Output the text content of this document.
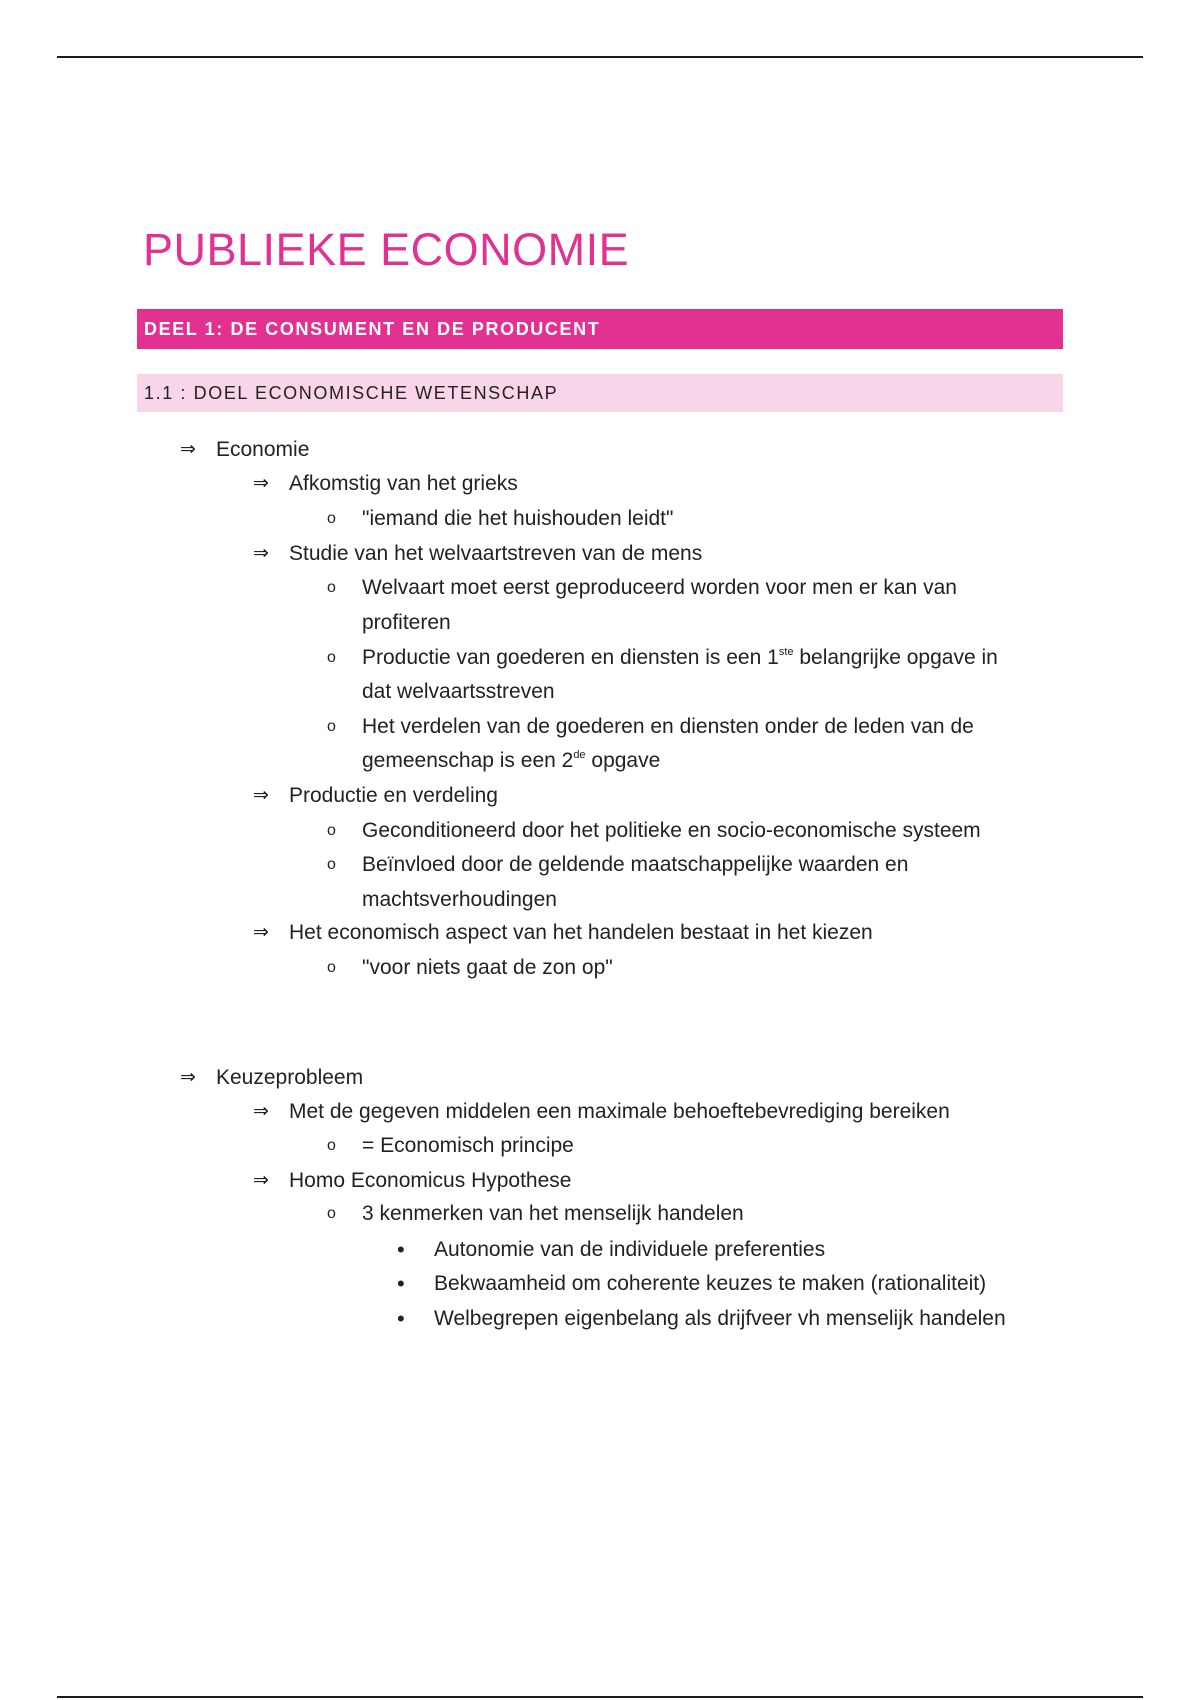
PUBLIEKE ECONOMIE
DEEL 1: DE CONSUMENT EN DE PRODUCENT
1.1 : DOEL ECONOMISCHE WETENSCHAP
⇒ Economie
⇒ Afkomstig van het grieks
o "iemand die het huishouden leidt"
⇒ Studie van het welvaartstreven van de mens
o Welvaart moet eerst geproduceerd worden voor men er kan van
profiteren
o Productie van goederen en diensten is een 1ste belangrijke opgave in
dat welvaartsstreven
o Het verdelen van de goederen en diensten onder de leden van de
gemeenschap is een 2de opgave
⇒ Productie en verdeling
o Geconditioneerd door het politieke en socio-economische systeem
o Beïnvloed door de geldende maatschappelijke waarden en
machtsverhoudingen
⇒ Het economisch aspect van het handelen bestaat in het kiezen
o "voor niets gaat de zon op"
⇒ Keuzeprobleem
⇒ Met de gegeven middelen een maximale behoeftebevrediging bereiken
o = Economisch principe
⇒ Homo Economicus Hypothese
o 3 kenmerken van het menselijk handelen
• Autonomie van de individuele preferenties
• Bekwaamheid om coherente keuzes te maken (rationaliteit)
• Welbegrepen eigenbelang als drijfveer vh menselijk handelen
